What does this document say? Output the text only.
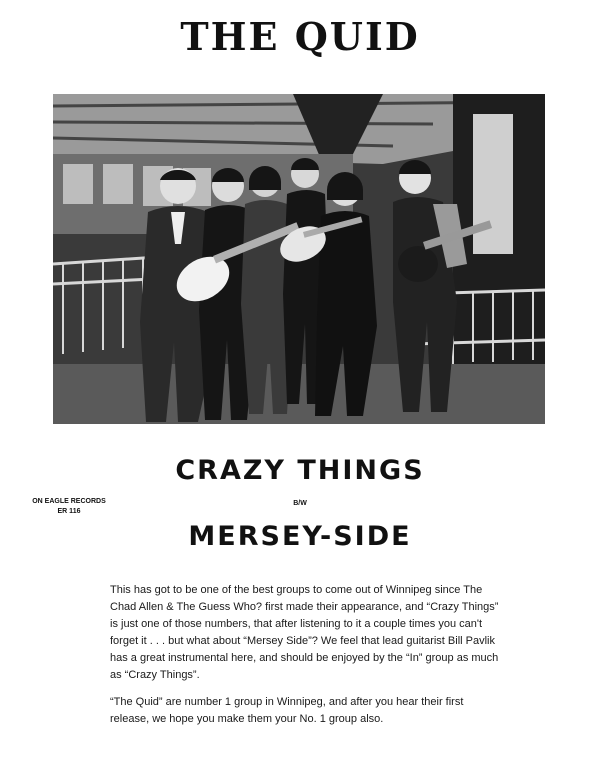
THE QUID
CRAZY THINGS
ON EAGLE RECORDS
ER 116
B/W
MERSEY-SIDE

This has got to be one of the best groups to come out of Winnipeg since The Chad Allen & The Guess Who? first made their appearance, and “Crazy Things” is just one of those numbers, that after listening to it a couple times you can't forget it . . . but what about “Mersey Side”? We feel that lead guitarist Bill Pavlik has a great instrumental here, and should be enjoyed by the “In” group as much as “Crazy Things”.

“The Quid” are number 1 group in Winnipeg, and after you hear their first release, we hope you make them your No. 1 group also.
